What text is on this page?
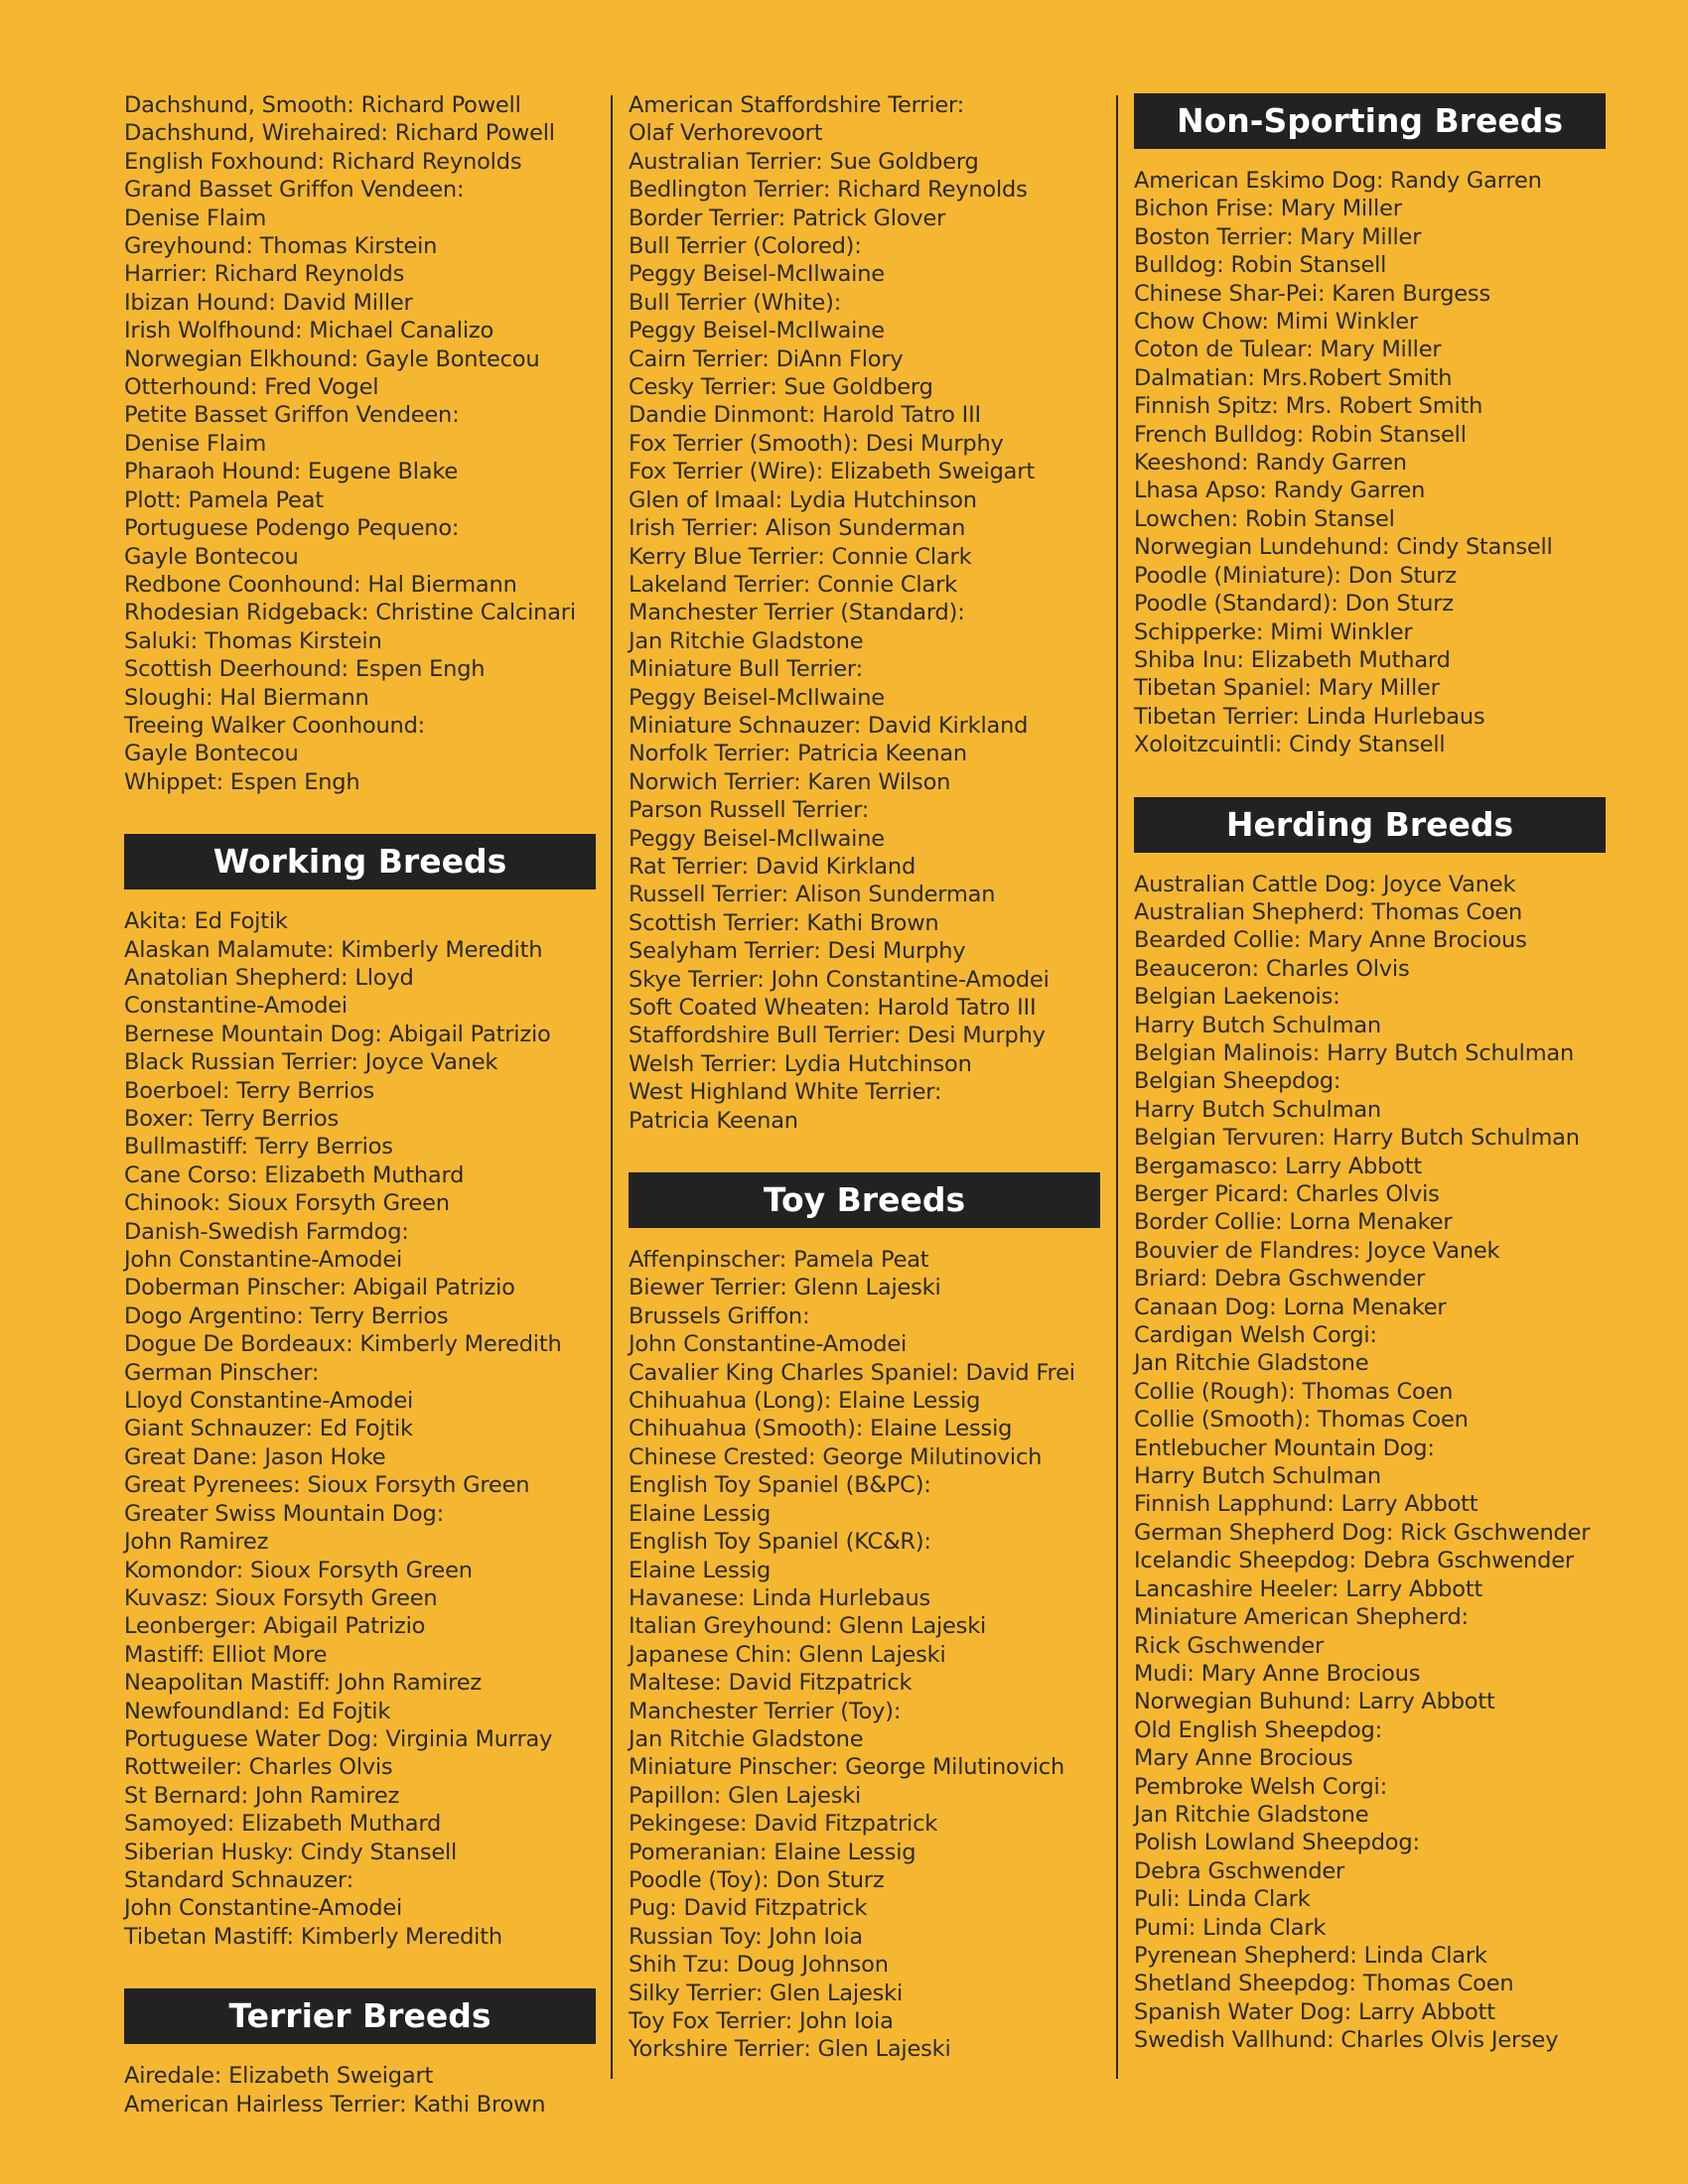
Dachshund, Smooth: Richard Powell
Dachshund, Wirehaired: Richard Powell
English Foxhound: Richard Reynolds
Grand Basset Griffon Vendeen:
Denise Flaim
Greyhound: Thomas Kirstein
Harrier: Richard Reynolds
Ibizan Hound: David Miller
Irish Wolfhound: Michael Canalizo
Norwegian Elkhound: Gayle Bontecou
Otterhound: Fred Vogel
Petite Basset Griffon Vendeen:
Denise Flaim
Pharaoh Hound: Eugene Blake
Plott: Pamela Peat
Portuguese Podengo Pequeno:
Gayle Bontecou
Redbone Coonhound: Hal Biermann
Rhodesian Ridgeback: Christine Calcinari
Saluki: Thomas Kirstein
Scottish Deerhound: Espen Engh
Sloughi: Hal Biermann
Treeing Walker Coonhound:
Gayle Bontecou
Whippet: Espen Engh
Working Breeds
Akita: Ed Fojtik
Alaskan Malamute: Kimberly Meredith
Anatolian Shepherd: Lloyd
Constantine-Amodei
Bernese Mountain Dog: Abigail Patrizio
Black Russian Terrier: Joyce Vanek
Boerboel: Terry Berrios
Boxer: Terry Berrios
Bullmastiff: Terry Berrios
Cane Corso: Elizabeth Muthard
Chinook: Sioux Forsyth Green
Danish-Swedish Farmdog:
John Constantine-Amodei
Doberman Pinscher: Abigail Patrizio
Dogo Argentino: Terry Berrios
Dogue De Bordeaux: Kimberly Meredith
German Pinscher:
Lloyd Constantine-Amodei
Giant Schnauzer: Ed Fojtik
Great Dane: Jason Hoke
Great Pyrenees: Sioux Forsyth Green
Greater Swiss Mountain Dog:
John Ramirez
Komondor: Sioux Forsyth Green
Kuvasz: Sioux Forsyth Green
Leonberger: Abigail Patrizio
Mastiff: Elliot More
Neapolitan Mastiff: John Ramirez
Newfoundland: Ed Fojtik
Portuguese Water Dog: Virginia Murray
Rottweiler: Charles Olvis
St Bernard: John Ramirez
Samoyed: Elizabeth Muthard
Siberian Husky: Cindy Stansell
Standard Schnauzer:
John Constantine-Amodei
Tibetan Mastiff: Kimberly Meredith
Terrier Breeds
Airedale: Elizabeth Sweigart
American Hairless Terrier: Kathi Brown
American Staffordshire Terrier:
Olaf Verhorevoort
Australian Terrier: Sue Goldberg
Bedlington Terrier: Richard Reynolds
Border Terrier: Patrick Glover
Bull Terrier (Colored):
Peggy Beisel-McIlwaine
Bull Terrier (White):
Peggy Beisel-McIlwaine
Cairn Terrier: DiAnn Flory
Cesky Terrier: Sue Goldberg
Dandie Dinmont: Harold Tatro III
Fox Terrier (Smooth): Desi Murphy
Fox Terrier (Wire): Elizabeth Sweigart
Glen of Imaal: Lydia Hutchinson
Irish Terrier: Alison Sunderman
Kerry Blue Terrier: Connie Clark
Lakeland Terrier: Connie Clark
Manchester Terrier (Standard):
Jan Ritchie Gladstone
Miniature Bull Terrier:
Peggy Beisel-McIlwaine
Miniature Schnauzer: David Kirkland
Norfolk Terrier: Patricia Keenan
Norwich Terrier: Karen Wilson
Parson Russell Terrier:
Peggy Beisel-McIlwaine
Rat Terrier: David Kirkland
Russell Terrier: Alison Sunderman
Scottish Terrier: Kathi Brown
Sealyham Terrier: Desi Murphy
Skye Terrier: John Constantine-Amodei
Soft Coated Wheaten: Harold Tatro III
Staffordshire Bull Terrier: Desi Murphy
Welsh Terrier: Lydia Hutchinson
West Highland White Terrier:
Patricia Keenan
Toy Breeds
Affenpinscher: Pamela Peat
Biewer Terrier: Glenn Lajeski
Brussels Griffon:
John Constantine-Amodei
Cavalier King Charles Spaniel: David Frei
Chihuahua (Long): Elaine Lessig
Chihuahua (Smooth): Elaine Lessig
Chinese Crested: George Milutinovich
English Toy Spaniel (B&PC):
Elaine Lessig
English Toy Spaniel (KC&R):
Elaine Lessig
Havanese: Linda Hurlebaus
Italian Greyhound: Glenn Lajeski
Japanese Chin: Glenn Lajeski
Maltese: David Fitzpatrick
Manchester Terrier (Toy):
Jan Ritchie Gladstone
Miniature Pinscher: George Milutinovich
Papillon: Glen Lajeski
Pekingese: David Fitzpatrick
Pomeranian: Elaine Lessig
Poodle (Toy): Don Sturz
Pug: David Fitzpatrick
Russian Toy: John Ioia
Shih Tzu: Doug Johnson
Silky Terrier: Glen Lajeski
Toy Fox Terrier: John Ioia
Yorkshire Terrier: Glen Lajeski
Non-Sporting Breeds
American Eskimo Dog: Randy Garren
Bichon Frise: Mary Miller
Boston Terrier: Mary Miller
Bulldog: Robin Stansell
Chinese Shar-Pei: Karen Burgess
Chow Chow: Mimi Winkler
Coton de Tulear: Mary Miller
Dalmatian: Mrs.Robert Smith
Finnish Spitz: Mrs. Robert Smith
French Bulldog: Robin Stansell
Keeshond: Randy Garren
Lhasa Apso: Randy Garren
Lowchen: Robin Stansel
Norwegian Lundehund: Cindy Stansell
Poodle (Miniature): Don Sturz
Poodle (Standard): Don Sturz
Schipperke: Mimi Winkler
Shiba Inu: Elizabeth Muthard
Tibetan Spaniel: Mary Miller
Tibetan Terrier: Linda Hurlebaus
Xoloitzcuintli: Cindy Stansell
Herding Breeds
Australian Cattle Dog: Joyce Vanek
Australian Shepherd: Thomas Coen
Bearded Collie: Mary Anne Brocious
Beauceron: Charles Olvis
Belgian Laekenois:
Harry Butch Schulman
Belgian Malinois: Harry Butch Schulman
Belgian Sheepdog:
Harry Butch Schulman
Belgian Tervuren: Harry Butch Schulman
Bergamasco: Larry Abbott
Berger Picard: Charles Olvis
Border Collie: Lorna Menaker
Bouvier de Flandres: Joyce Vanek
Briard: Debra Gschwender
Canaan Dog: Lorna Menaker
Cardigan Welsh Corgi:
Jan Ritchie Gladstone
Collie (Rough): Thomas Coen
Collie (Smooth): Thomas Coen
Entlebucher Mountain Dog:
Harry Butch Schulman
Finnish Lapphund: Larry Abbott
German Shepherd Dog: Rick Gschwender
Icelandic Sheepdog: Debra Gschwender
Lancashire Heeler: Larry Abbott
Miniature American Shepherd:
Rick Gschwender
Mudi: Mary Anne Brocious
Norwegian Buhund: Larry Abbott
Old English Sheepdog:
Mary Anne Brocious
Pembroke Welsh Corgi:
Jan Ritchie Gladstone
Polish Lowland Sheepdog:
Debra Gschwender
Puli: Linda Clark
Pumi: Linda Clark
Pyrenean Shepherd: Linda Clark
Shetland Sheepdog: Thomas Coen
Spanish Water Dog: Larry Abbott
Swedish Vallhund: Charles Olvis Jersey
